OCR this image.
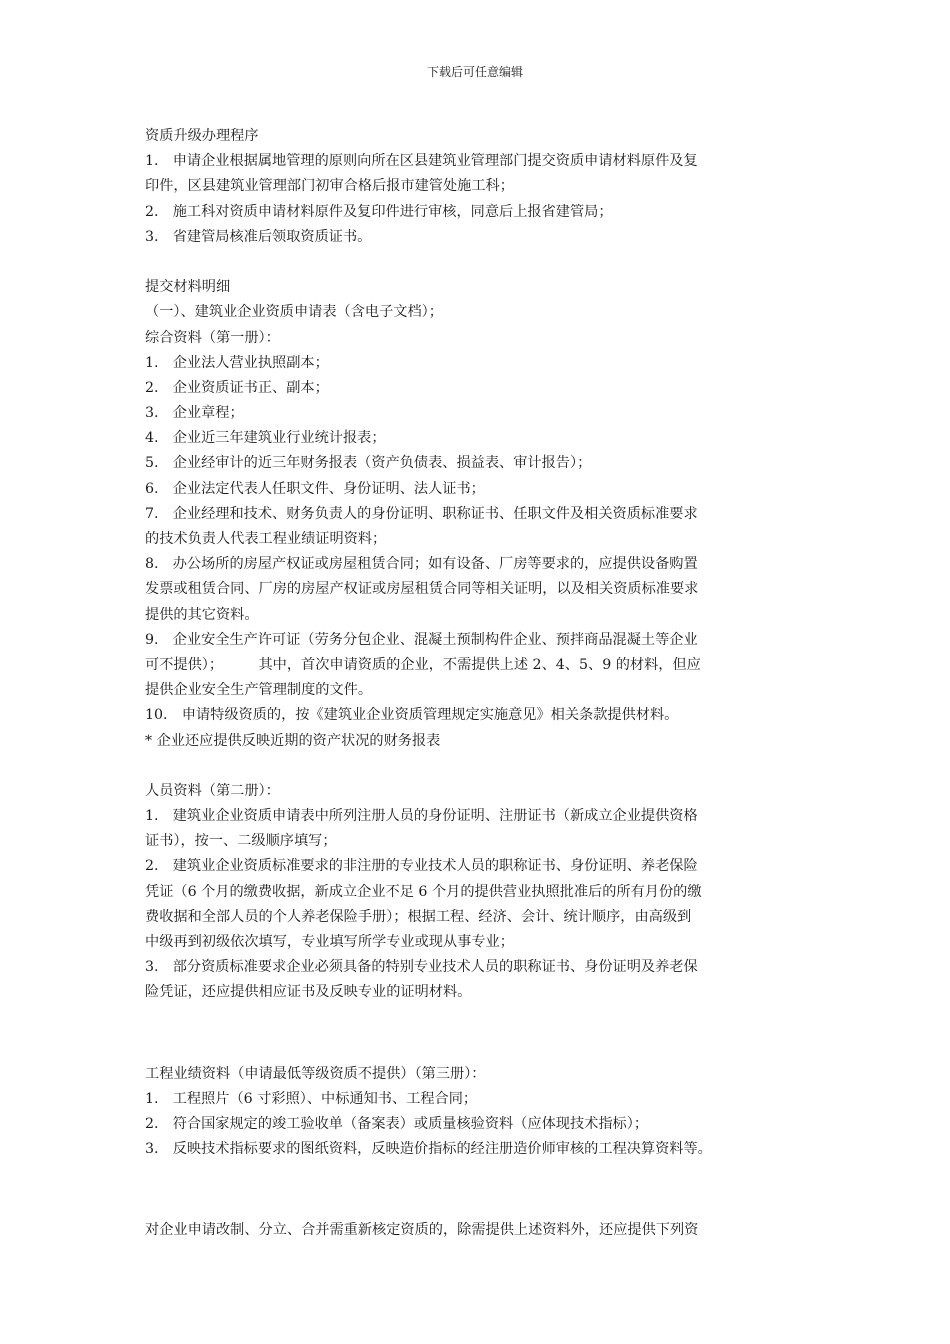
下载后可任意编辑
资质升级办理程序
1.　申请企业根据属地管理的原则向所在区县建筑业管理部门提交资质申请材料原件及复
印件，区县建筑业管理部门初审合格后报市建管处施工科；
2.　施工科对资质申请材料原件及复印件进行审核，同意后上报省建管局；
3.　省建管局核准后领取资质证书。
提交材料明细
（一）、建筑业企业资质申请表（含电子文档）；
综合资料（第一册）：
1.　企业法人营业执照副本；
2.　企业资质证书正、副本；
3.　企业章程；
4.　企业近三年建筑业行业统计报表；
5.　企业经审计的近三年财务报表（资产负债表、损益表、审计报告）；
6.　企业法定代表人任职文件、身份证明、法人证书；
7.　企业经理和技术、财务负责人的身份证明、职称证书、任职文件及相关资质标准要求
的技术负责人代表工程业绩证明资料；
8.　办公场所的房屋产权证或房屋租赁合同；如有设备、厂房等要求的，应提供设备购置
发票或租赁合同、厂房的房屋产权证或房屋租赁合同等相关证明，以及相关资质标准要求
提供的其它资料。
9.　企业安全生产许可证（劳务分包企业、混凝土预制构件企业、预拌商品混凝土等企业
可不提供）；　　　其中，首次申请资质的企业，不需提供上述 2、4、5、9 的材料，但应
提供企业安全生产管理制度的文件。
10.　申请特级资质的，按《建筑业企业资质管理规定实施意见》相关条款提供材料。
* 企业还应提供反映近期的资产状况的财务报表
人员资料（第二册）：
1.　建筑业企业资质申请表中所列注册人员的身份证明、注册证书（新成立企业提供资格
证书），按一、二级顺序填写；
2.　建筑业企业资质标准要求的非注册的专业技术人员的职称证书、身份证明、养老保险
凭证（6 个月的缴费收据，新成立企业不足 6 个月的提供营业执照批准后的所有月份的缴
费收据和全部人员的个人养老保险手册）；根据工程、经济、会计、统计顺序，由高级到
中级再到初级依次填写，专业填写所学专业或现从事专业；
3.　部分资质标准要求企业必须具备的特别专业技术人员的职称证书、身份证明及养老保
险凭证，还应提供相应证书及反映专业的证明材料。
工程业绩资料（申请最低等级资质不提供）（第三册）：
1.　工程照片（6 寸彩照）、中标通知书、工程合同；
2.　符合国家规定的竣工验收单（备案表）或质量核验资料（应体现技术指标）；
3.　反映技术指标要求的图纸资料，反映造价指标的经注册造价师审核的工程决算资料等。
对企业申请改制、分立、合并需重新核定资质的，除需提供上述资料外，还应提供下列资
